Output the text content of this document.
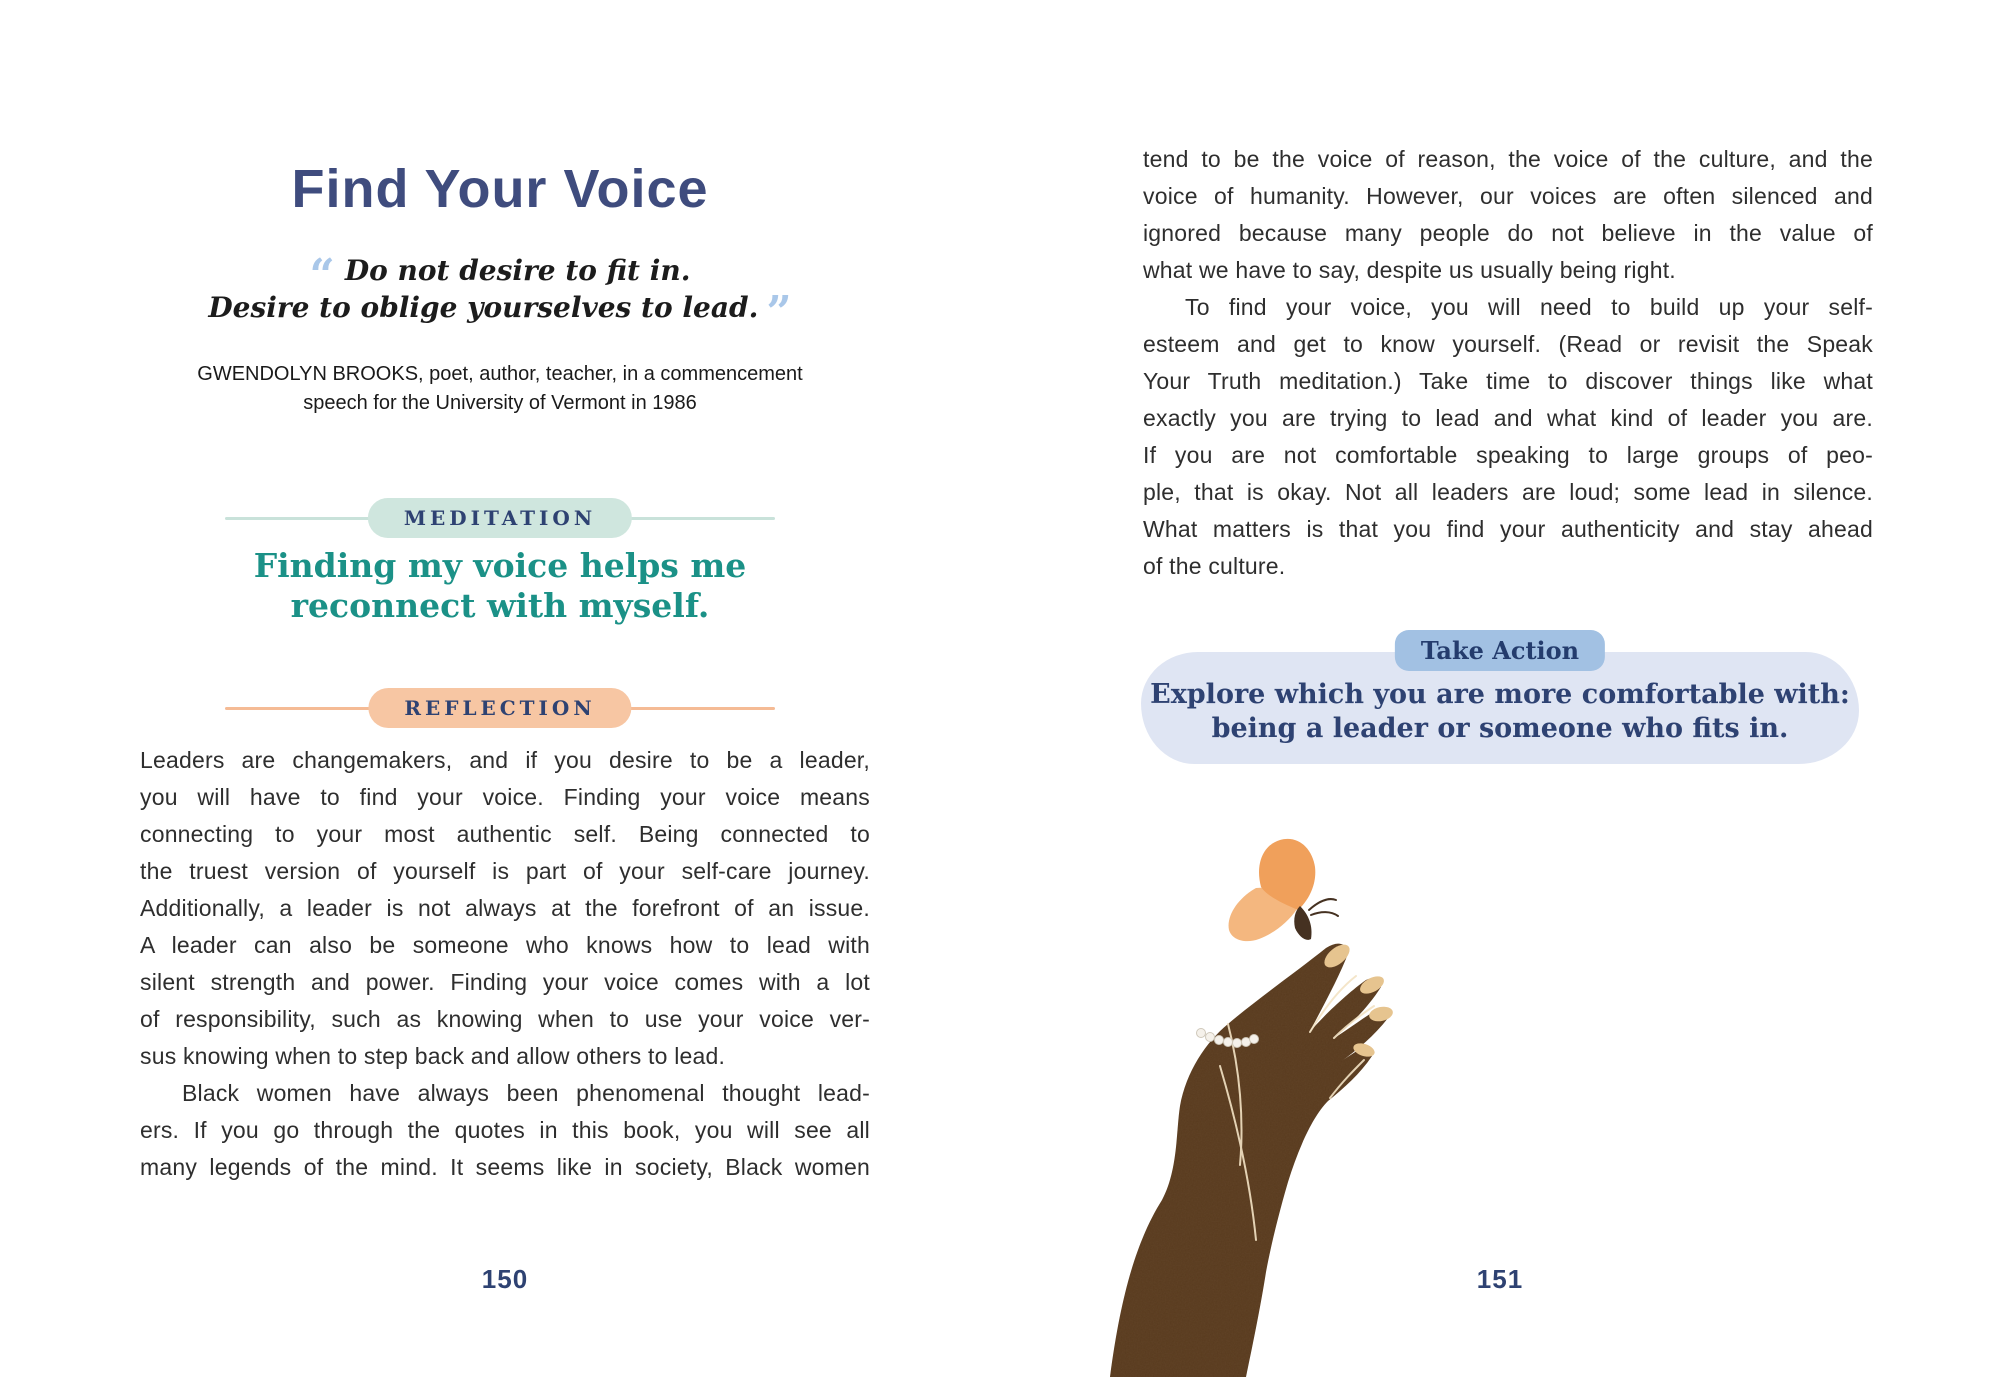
Find Your Voice
“ Do not desire to fit in.
Desire to oblige yourselves to lead. ”
GWENDOLYN BROOKS, poet, author, teacher, in a commencement
speech for the University of Vermont in 1986
MEDITATION
Finding my voice helps me
reconnect with myself.
REFLECTION
Leaders are changemakers, and if you desire to be a leader,
you will have to find your voice. Finding your voice means
connecting to your most authentic self. Being connected to
the truest version of yourself is part of your self-care journey.
Additionally, a leader is not always at the forefront of an issue.
A leader can also be someone who knows how to lead with
silent strength and power. Finding your voice comes with a lot
of responsibility, such as knowing when to use your voice ver-
sus knowing when to step back and allow others to lead.
Black women have always been phenomenal thought lead-
ers. If you go through the quotes in this book, you will see all
many legends of the mind. It seems like in society, Black women
150
tend to be the voice of reason, the voice of the culture, and the
voice of humanity. However, our voices are often silenced and
ignored because many people do not believe in the value of
what we have to say, despite us usually being right.
To find your voice, you will need to build up your self-
esteem and get to know yourself. (Read or revisit the Speak
Your Truth meditation.) Take time to discover things like what
exactly you are trying to lead and what kind of leader you are.
If you are not comfortable speaking to large groups of peo-
ple, that is okay. Not all leaders are loud; some lead in silence.
What matters is that you find your authenticity and stay ahead
of the culture.
Take Action
Explore which you are more comfortable with:
being a leader or someone who fits in.
151
